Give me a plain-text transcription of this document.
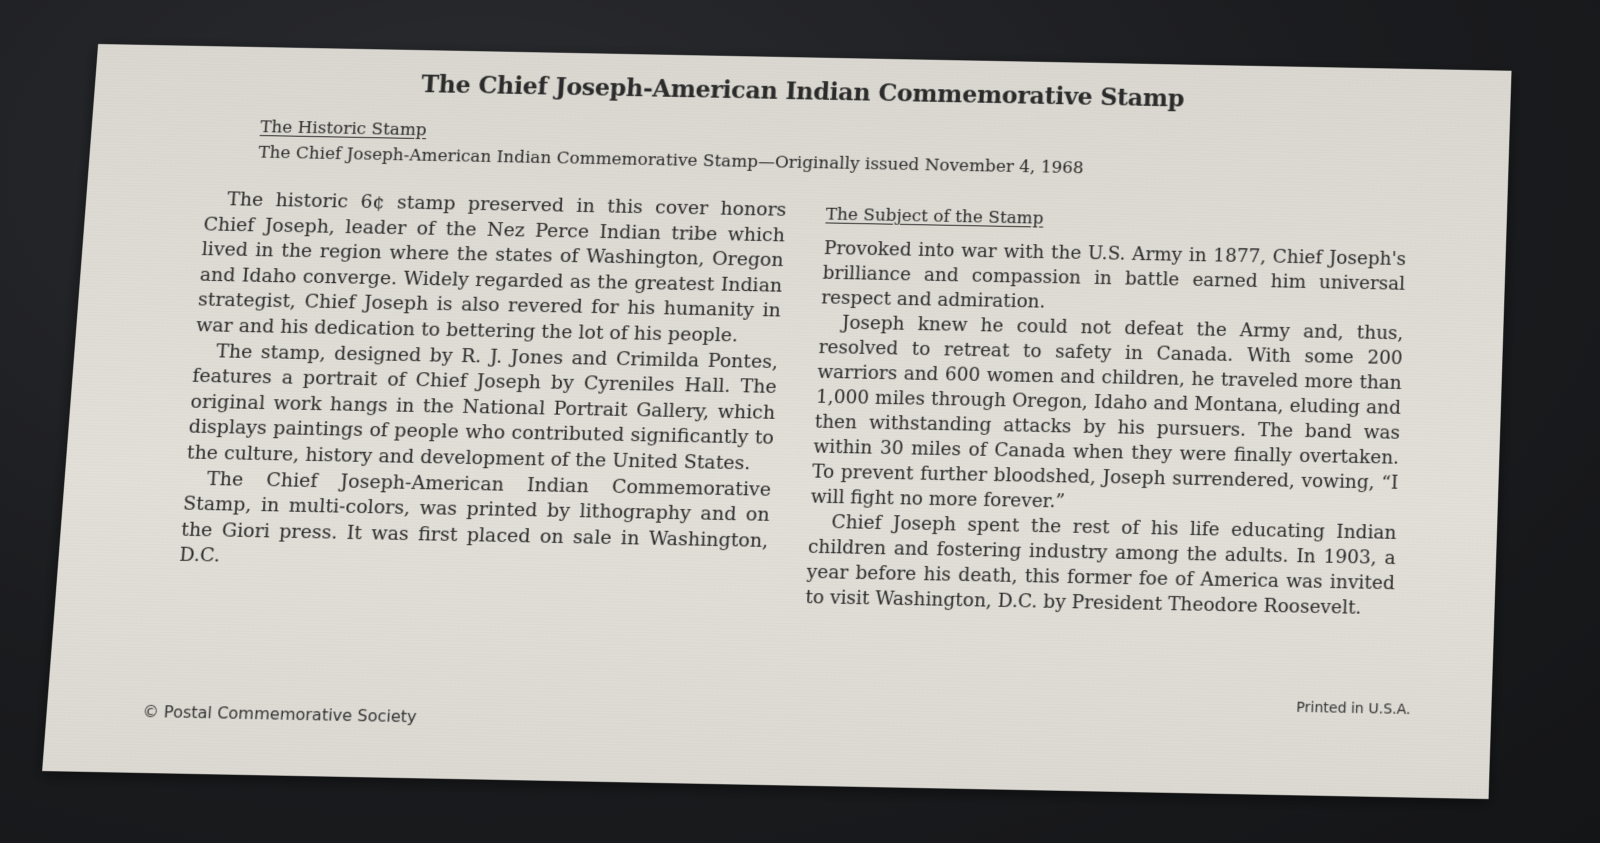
The Chief Joseph-American Indian Commemorative Stamp
The Historic Stamp
The Chief Joseph-American Indian Commemorative Stamp—Originally issued November 4, 1968

The historic 6¢ stamp preserved in this cover honors Chief Joseph, leader of the Nez Perce Indian tribe which lived in the region where the states of Washington, Oregon and Idaho converge. Widely regarded as the greatest Indian strategist, Chief Joseph is also revered for his humanity in war and his dedication to bettering the lot of his people.

The stamp, designed by R. J. Jones and Crimilda Pontes, features a portrait of Chief Joseph by Cyreniles Hall. The original work hangs in the National Portrait Gallery, which displays paintings of people who contributed significantly to the culture, history and development of the United States.

The Chief Joseph-American Indian Commemorative Stamp, in multi-colors, was printed by lithography and on the Giori press. It was first placed on sale in Washington, D.C.

The Subject of the Stamp

Provoked into war with the U.S. Army in 1877, Chief Joseph's brilliance and compassion in battle earned him universal respect and admiration.

Joseph knew he could not defeat the Army and, thus, resolved to retreat to safety in Canada. With some 200 warriors and 600 women and children, he traveled more than 1,000 miles through Oregon, Idaho and Montana, eluding and then withstanding attacks by his pursuers. The band was within 30 miles of Canada when they were finally overtaken. To prevent further bloodshed, Joseph surrendered, vowing, “I will fight no more forever.”

Chief Joseph spent the rest of his life educating Indian children and fostering industry among the adults. In 1903, a year before his death, this former foe of America was invited to visit Washington, D.C. by President Theodore Roosevelt.

© Postal Commemorative Society	Printed in U.S.A.
